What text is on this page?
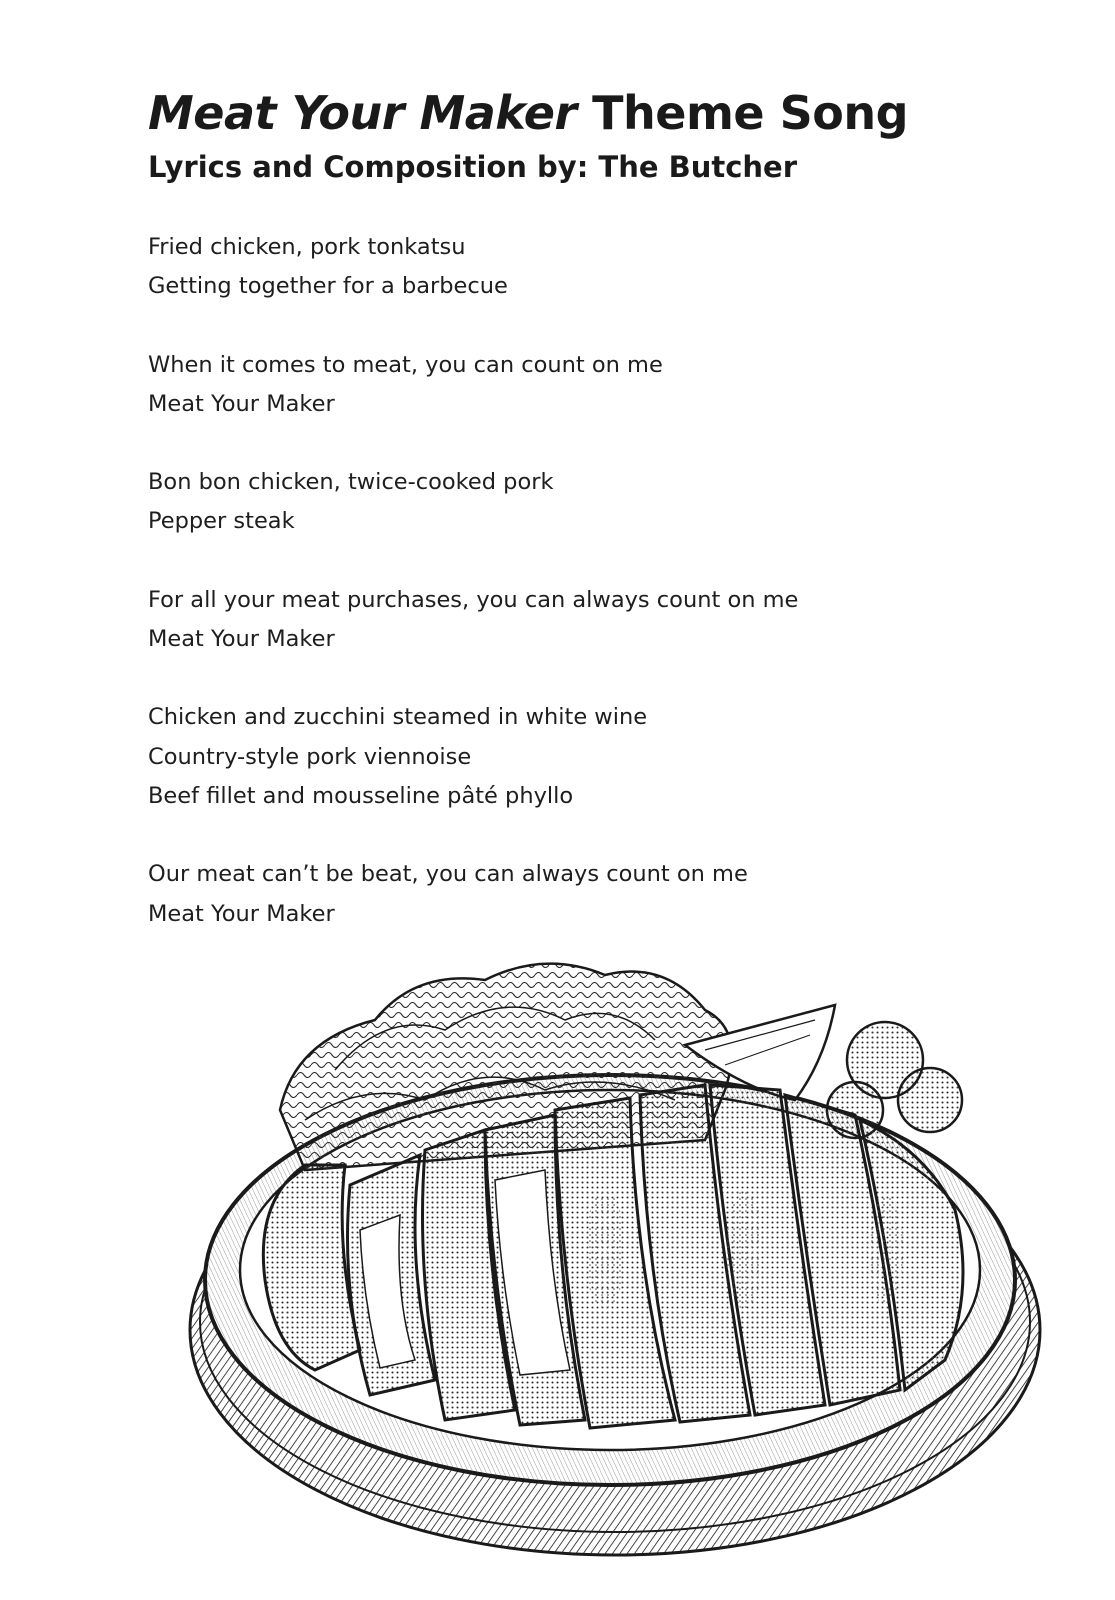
Meat Your Maker Theme Song
Lyrics and Composition by: The Butcher

Fried chicken, pork tonkatsu
Getting together for a barbecue

When it comes to meat, you can count on me
Meat Your Maker

Bon bon chicken, twice-cooked pork
Pepper steak

For all your meat purchases, you can always count on me
Meat Your Maker

Chicken and zucchini steamed in white wine
Country-style pork viennoise
Beef fillet and mousseline pâté phyllo

Our meat can’t be beat, you can always count on me
Meat Your Maker
